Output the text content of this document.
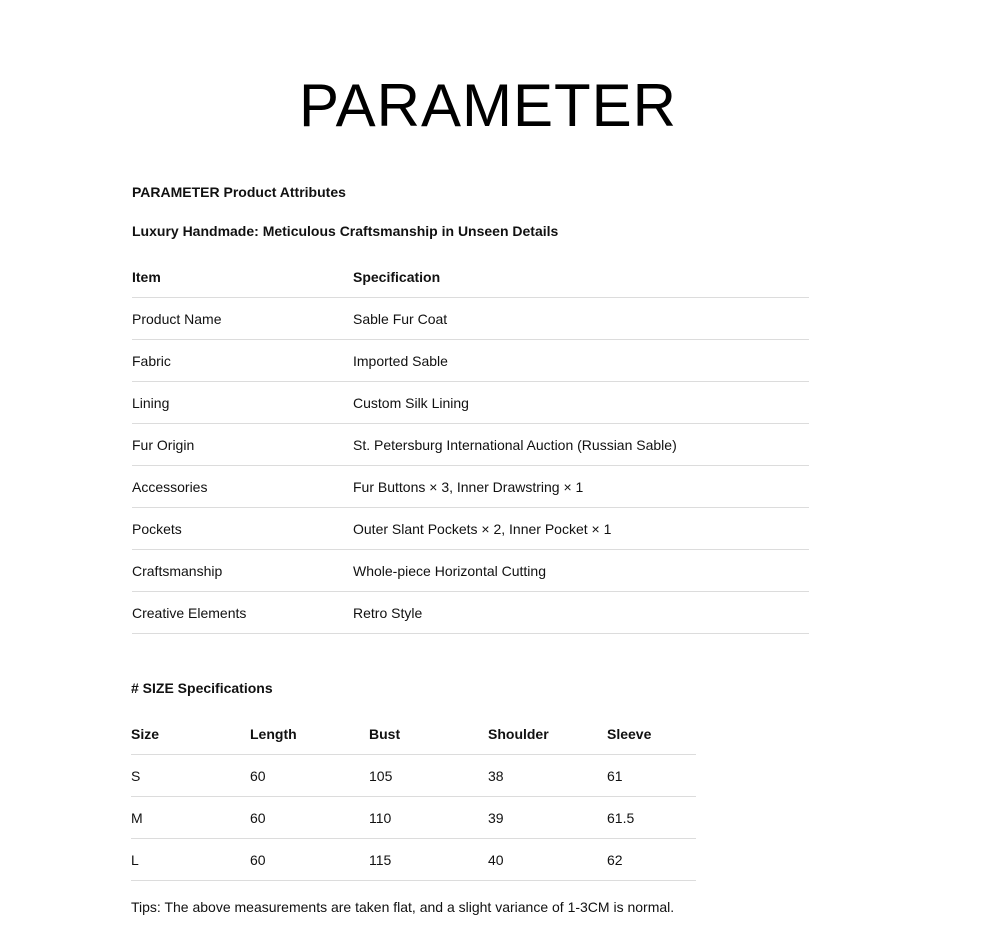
PARAMETER
PARAMETER Product Attributes
Luxury Handmade: Meticulous Craftsmanship in Unseen Details
Item	Specification
Product Name	Sable Fur Coat
Fabric	Imported Sable
Lining	Custom Silk Lining
Fur Origin	St. Petersburg International Auction (Russian Sable)
Accessories	Fur Buttons × 3, Inner Drawstring × 1
Pockets	Outer Slant Pockets × 2, Inner Pocket × 1
Craftsmanship	Whole-piece Horizontal Cutting
Creative Elements	Retro Style
# SIZE Specifications
Size	Length	Bust	Shoulder	Sleeve
S	60	105	38	61
M	60	110	39	61.5
L	60	115	40	62
Tips: The above measurements are taken flat, and a slight variance of 1-3CM is normal.
